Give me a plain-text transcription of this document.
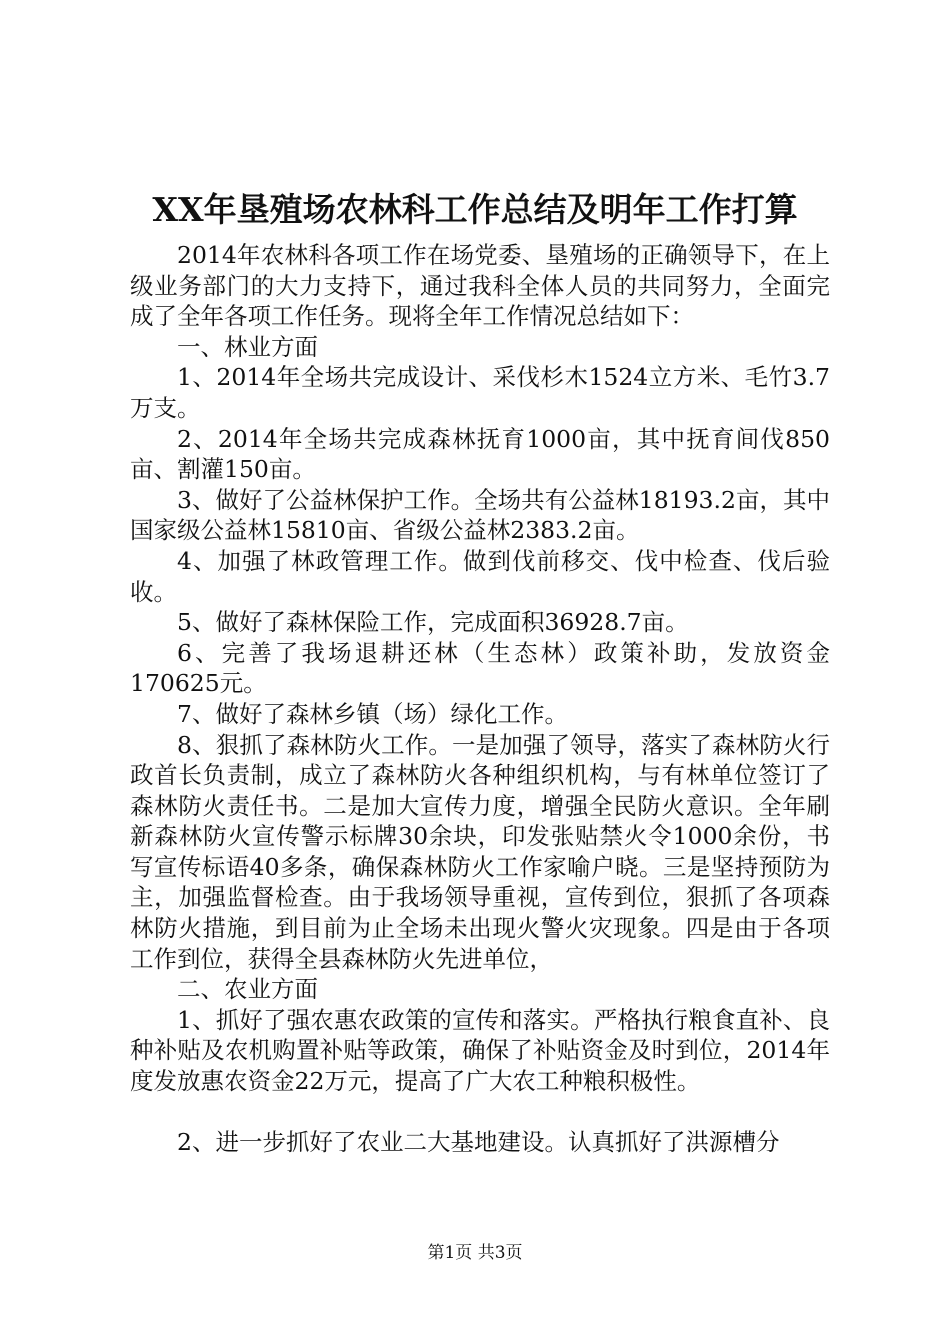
XX年垦殖场农林科工作总结及明年工作打算

2014年农林科各项工作在场党委、垦殖场的正确领导下，在上级业务部门的大力支持下，通过我科全体人员的共同努力，全面完成了全年各项工作任务。现将全年工作情况总结如下：

一、林业方面

1、2014年全场共完成设计、采伐杉木1524立方米、毛竹3.7万支。

2、2014年全场共完成森林抚育1000亩，其中抚育间伐850亩、割灌150亩。

3、做好了公益林保护工作。全场共有公益林18193.2亩，其中国家级公益林15810亩、省级公益林2383.2亩。

4、加强了林政管理工作。做到伐前移交、伐中检查、伐后验收。

5、做好了森林保险工作，完成面积36928.7亩。

6、完善了我场退耕还林（生态林）政策补助，发放资金170625元。

7、做好了森林乡镇（场）绿化工作。

8、狠抓了森林防火工作。一是加强了领导，落实了森林防火行政首长负责制，成立了森林防火各种组织机构，与有林单位签订了森林防火责任书。二是加大宣传力度，增强全民防火意识。全年刷新森林防火宣传警示标牌30余块，印发张贴禁火令1000余份，书写宣传标语40多条，确保森林防火工作家喻户晓。三是坚持预防为主，加强监督检查。由于我场领导重视，宣传到位，狠抓了各项森林防火措施，到目前为止全场未出现火警火灾现象。四是由于各项工作到位，获得全县森林防火先进单位，

二、农业方面

1、抓好了强农惠农政策的宣传和落实。严格执行粮食直补、良种补贴及农机购置补贴等政策，确保了补贴资金及时到位，2014年度发放惠农资金22万元，提高了广大农工种粮积极性。

2、进一步抓好了农业二大基地建设。认真抓好了洪源槽分

第1页 共3页
